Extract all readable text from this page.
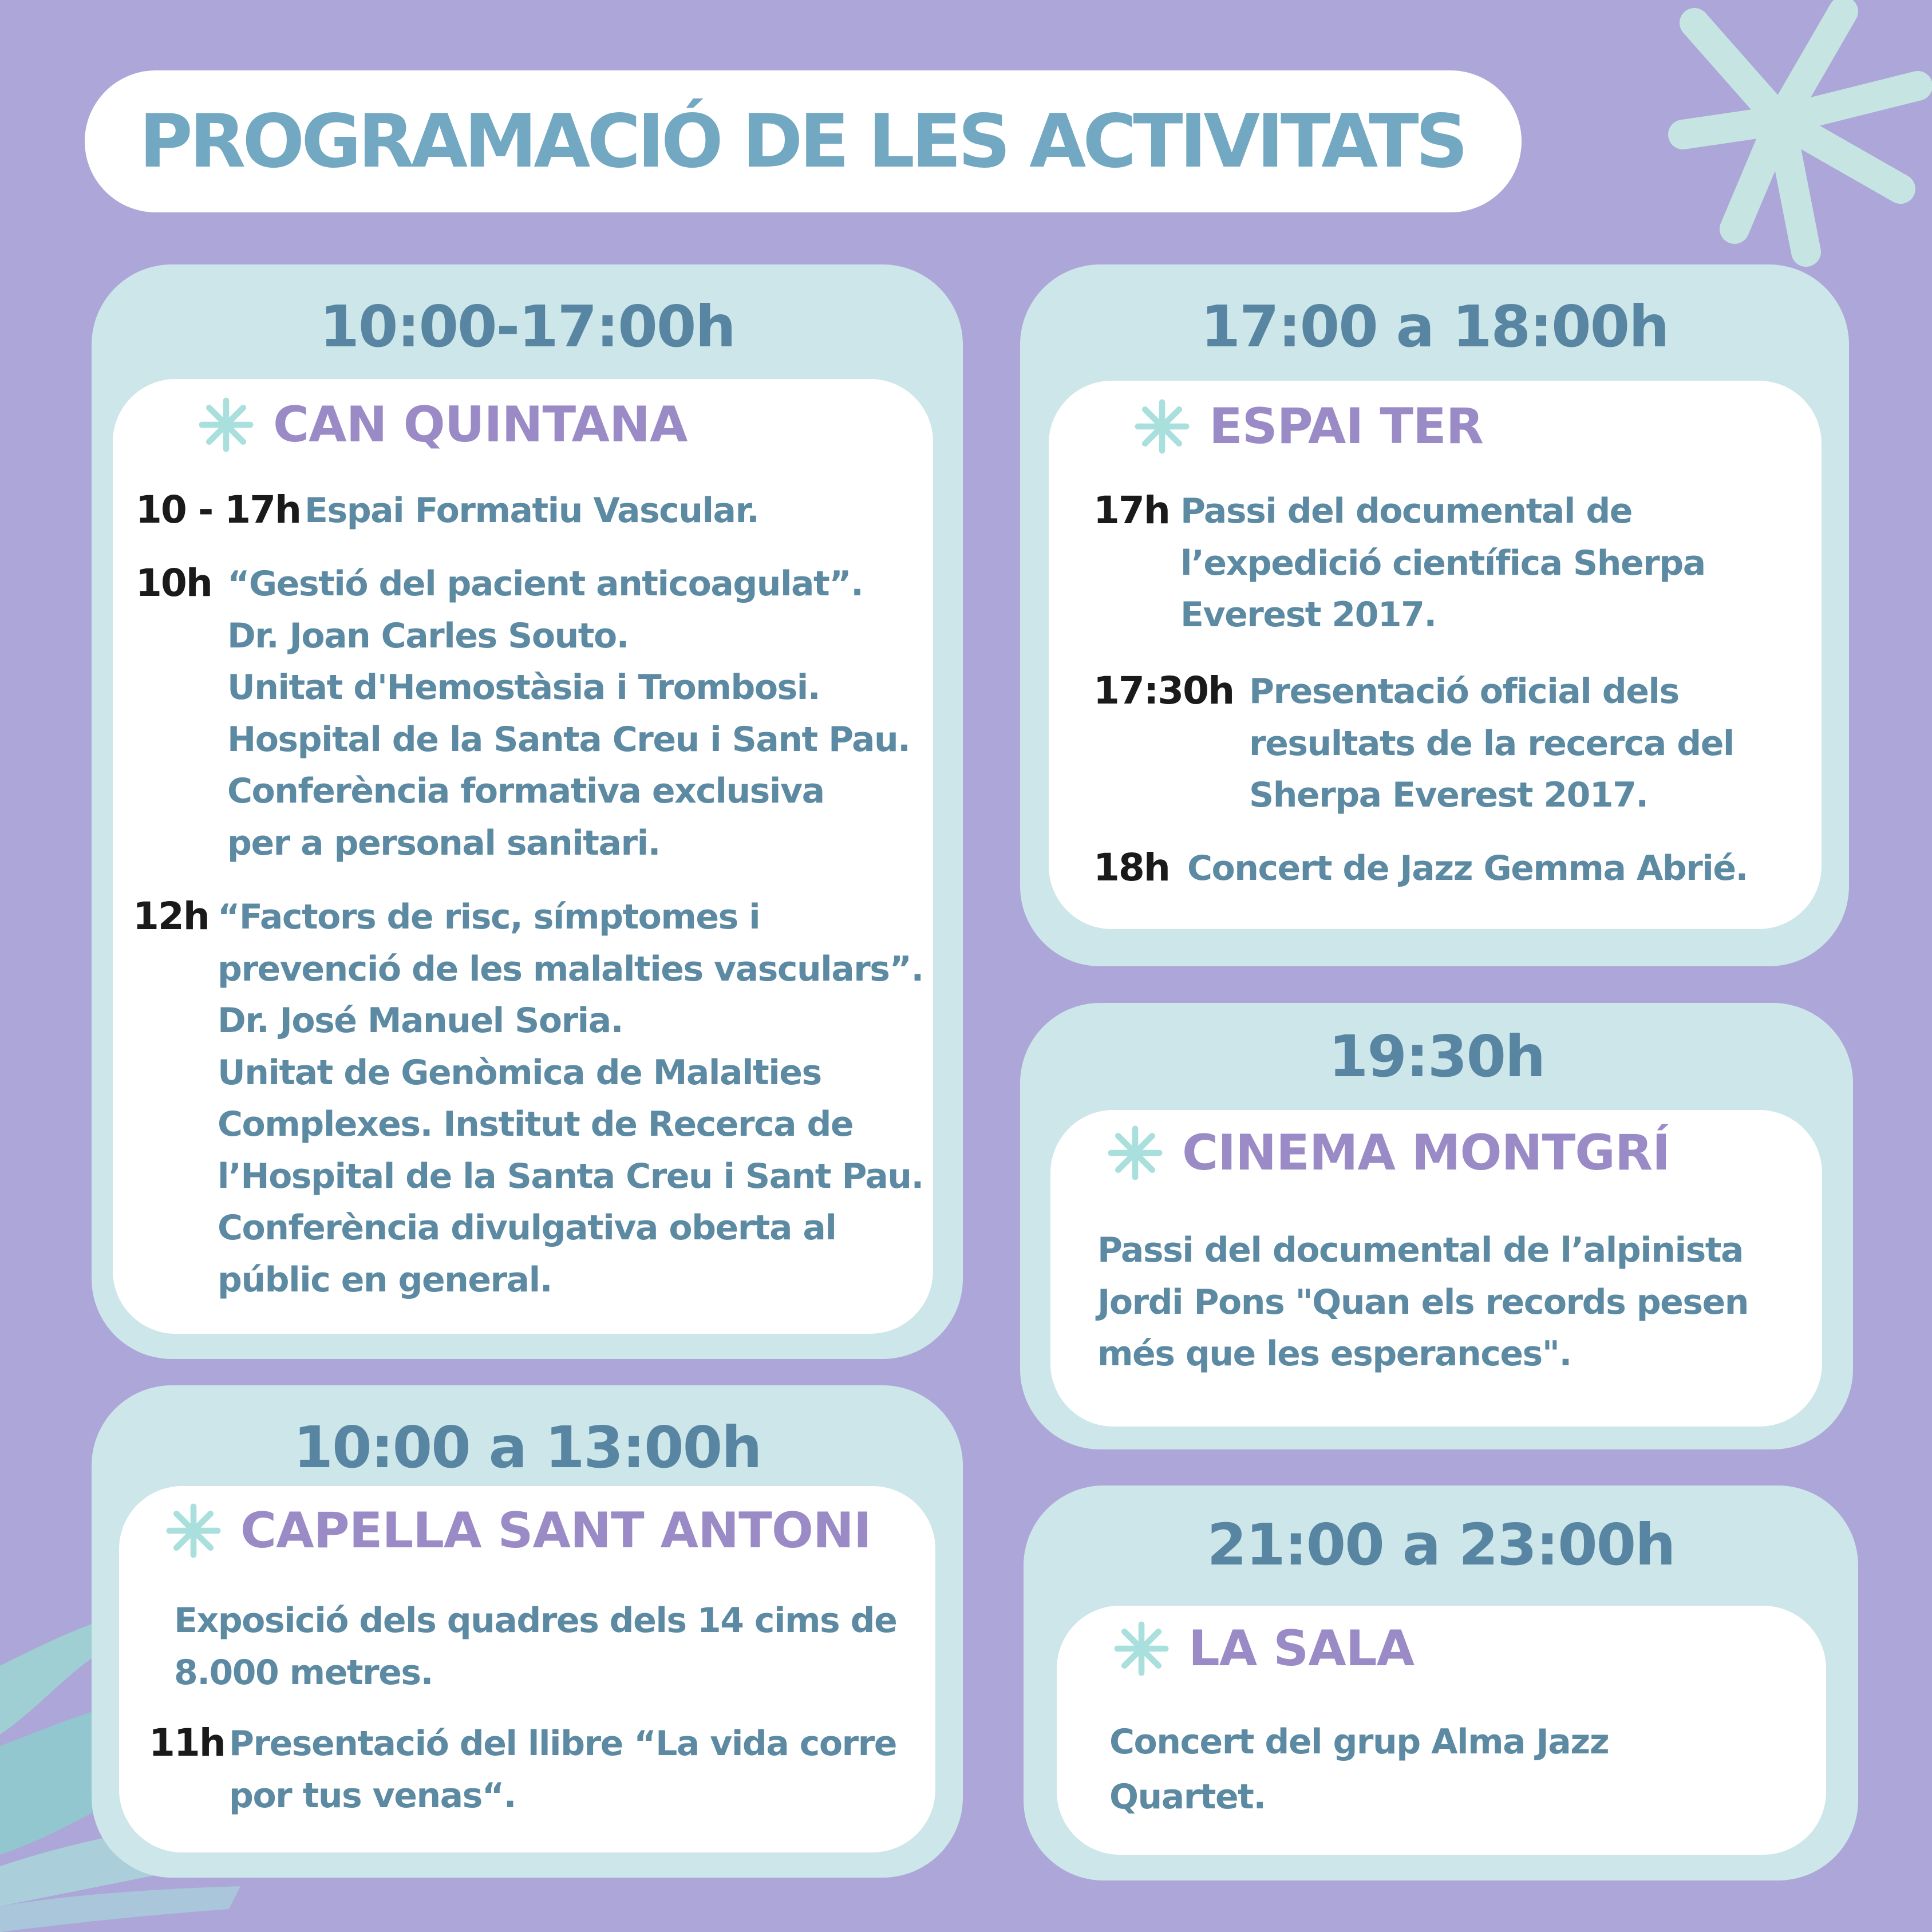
PROGRAMACIÓ DE LES ACTIVITATS
10:00-17:00h
CAN QUINTANA
10 - 17h Espai Formatiu Vascular.
10h “Gestió del pacient anticoagulat”.
Dr. Joan Carles Souto.
Unitat d'Hemostàsia i Trombosi.
Hospital de la Santa Creu i Sant Pau.
Conferència formativa exclusiva
per a personal sanitari.
12h “Factors de risc, símptomes i
prevenció de les malalties vasculars”.
Dr. José Manuel Soria.
Unitat de Genòmica de Malalties
Complexes. Institut de Recerca de
l’Hospital de la Santa Creu i Sant Pau.
Conferència divulgativa oberta al
públic en general.
10:00 a 13:00h
CAPELLA SANT ANTONI
Exposició dels quadres dels 14 cims de
8.000 metres.
11h Presentació del llibre “La vida corre
por tus venas“.
17:00 a 18:00h
ESPAI TER
17h Passi del documental de
l’expedició científica Sherpa
Everest 2017.
17:30h Presentació oficial dels
resultats de la recerca del
Sherpa Everest 2017.
18h Concert de Jazz Gemma Abrié.
19:30h
CINEMA MONTGRÍ
Passi del documental de l’alpinista
Jordi Pons "Quan els records pesen
més que les esperances".
21:00 a 23:00h
LA SALA
Concert del grup Alma Jazz
Quartet.
